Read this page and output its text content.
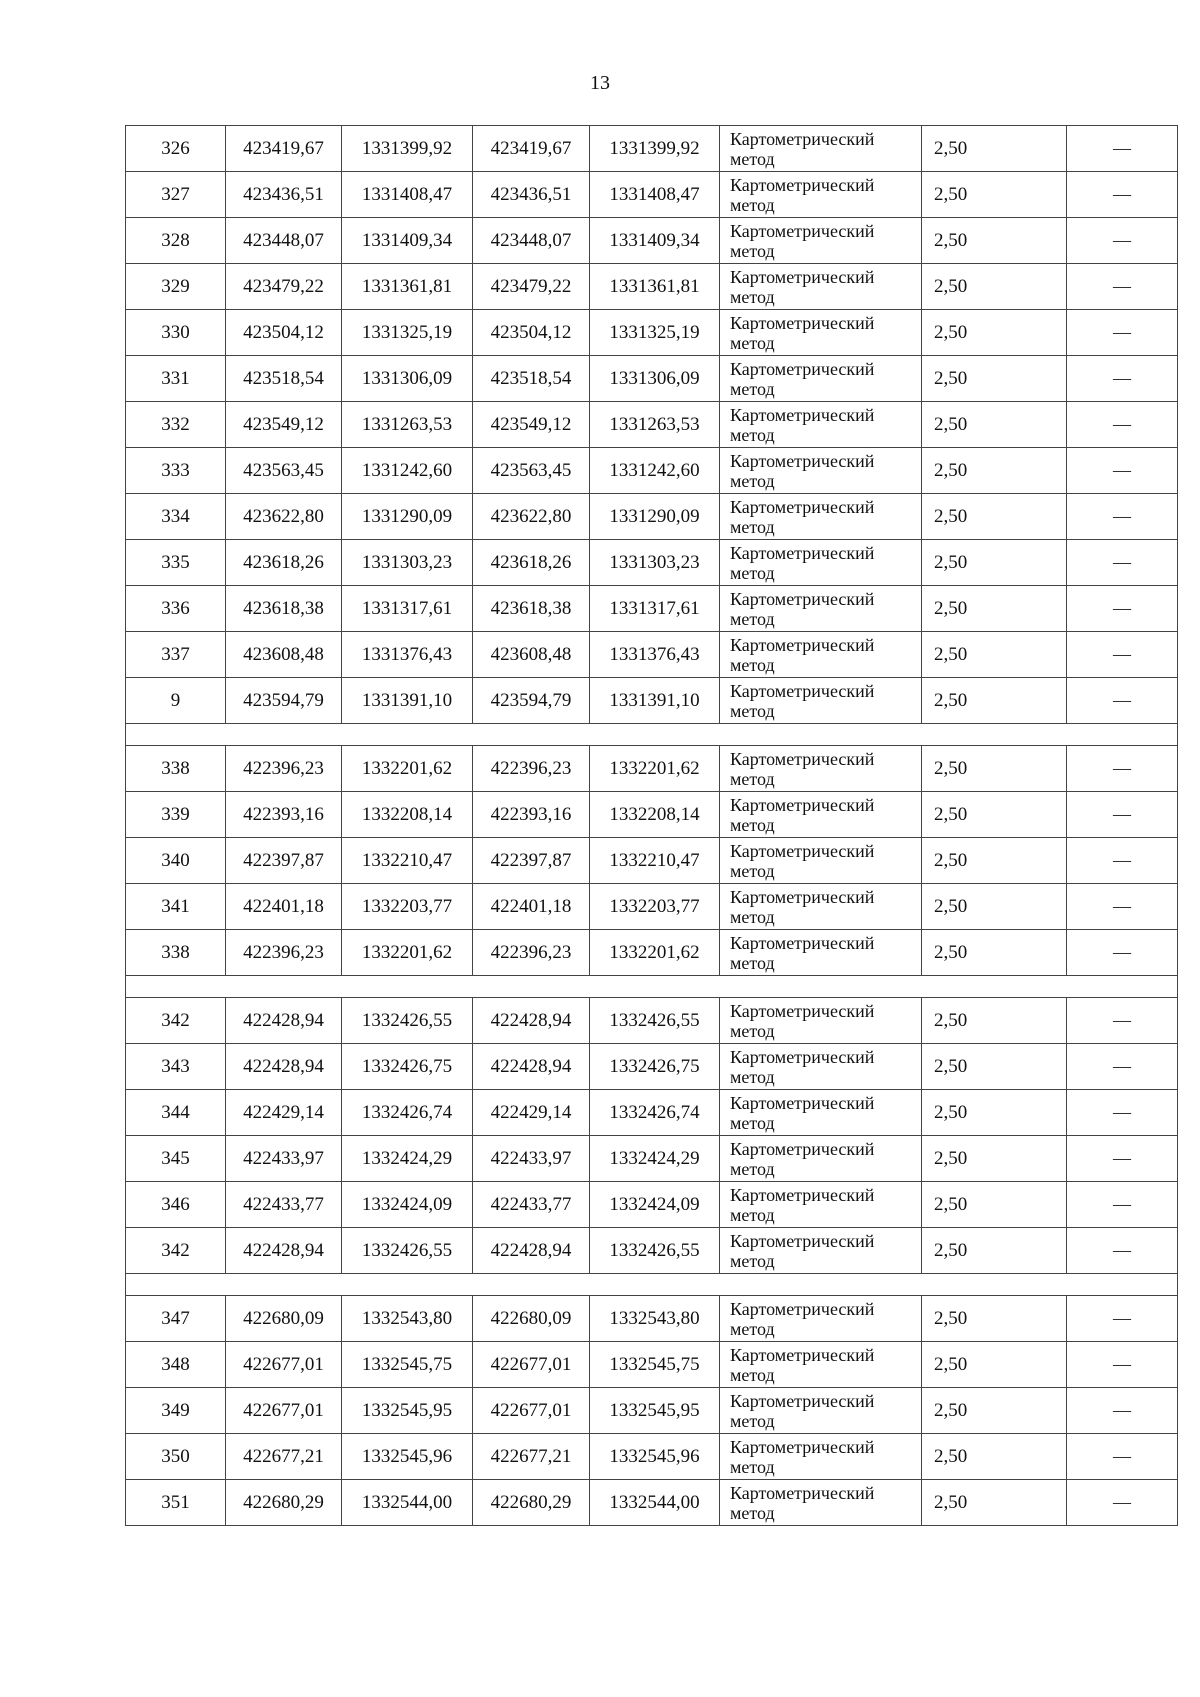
13
326	423419,67	1331399,92	423419,67	1331399,92	Картометрический метод	2,50	—
327	423436,51	1331408,47	423436,51	1331408,47	Картометрический метод	2,50	—
328	423448,07	1331409,34	423448,07	1331409,34	Картометрический метод	2,50	—
329	423479,22	1331361,81	423479,22	1331361,81	Картометрический метод	2,50	—
330	423504,12	1331325,19	423504,12	1331325,19	Картометрический метод	2,50	—
331	423518,54	1331306,09	423518,54	1331306,09	Картометрический метод	2,50	—
332	423549,12	1331263,53	423549,12	1331263,53	Картометрический метод	2,50	—
333	423563,45	1331242,60	423563,45	1331242,60	Картометрический метод	2,50	—
334	423622,80	1331290,09	423622,80	1331290,09	Картометрический метод	2,50	—
335	423618,26	1331303,23	423618,26	1331303,23	Картометрический метод	2,50	—
336	423618,38	1331317,61	423618,38	1331317,61	Картометрический метод	2,50	—
337	423608,48	1331376,43	423608,48	1331376,43	Картометрический метод	2,50	—
9	423594,79	1331391,10	423594,79	1331391,10	Картометрический метод	2,50	—

338	422396,23	1332201,62	422396,23	1332201,62	Картометрический метод	2,50	—
339	422393,16	1332208,14	422393,16	1332208,14	Картометрический метод	2,50	—
340	422397,87	1332210,47	422397,87	1332210,47	Картометрический метод	2,50	—
341	422401,18	1332203,77	422401,18	1332203,77	Картометрический метод	2,50	—
338	422396,23	1332201,62	422396,23	1332201,62	Картометрический метод	2,50	—

342	422428,94	1332426,55	422428,94	1332426,55	Картометрический метод	2,50	—
343	422428,94	1332426,75	422428,94	1332426,75	Картометрический метод	2,50	—
344	422429,14	1332426,74	422429,14	1332426,74	Картометрический метод	2,50	—
345	422433,97	1332424,29	422433,97	1332424,29	Картометрический метод	2,50	—
346	422433,77	1332424,09	422433,77	1332424,09	Картометрический метод	2,50	—
342	422428,94	1332426,55	422428,94	1332426,55	Картометрический метод	2,50	—

347	422680,09	1332543,80	422680,09	1332543,80	Картометрический метод	2,50	—
348	422677,01	1332545,75	422677,01	1332545,75	Картометрический метод	2,50	—
349	422677,01	1332545,95	422677,01	1332545,95	Картометрический метод	2,50	—
350	422677,21	1332545,96	422677,21	1332545,96	Картометрический метод	2,50	—
351	422680,29	1332544,00	422680,29	1332544,00	Картометрический метод	2,50	—
